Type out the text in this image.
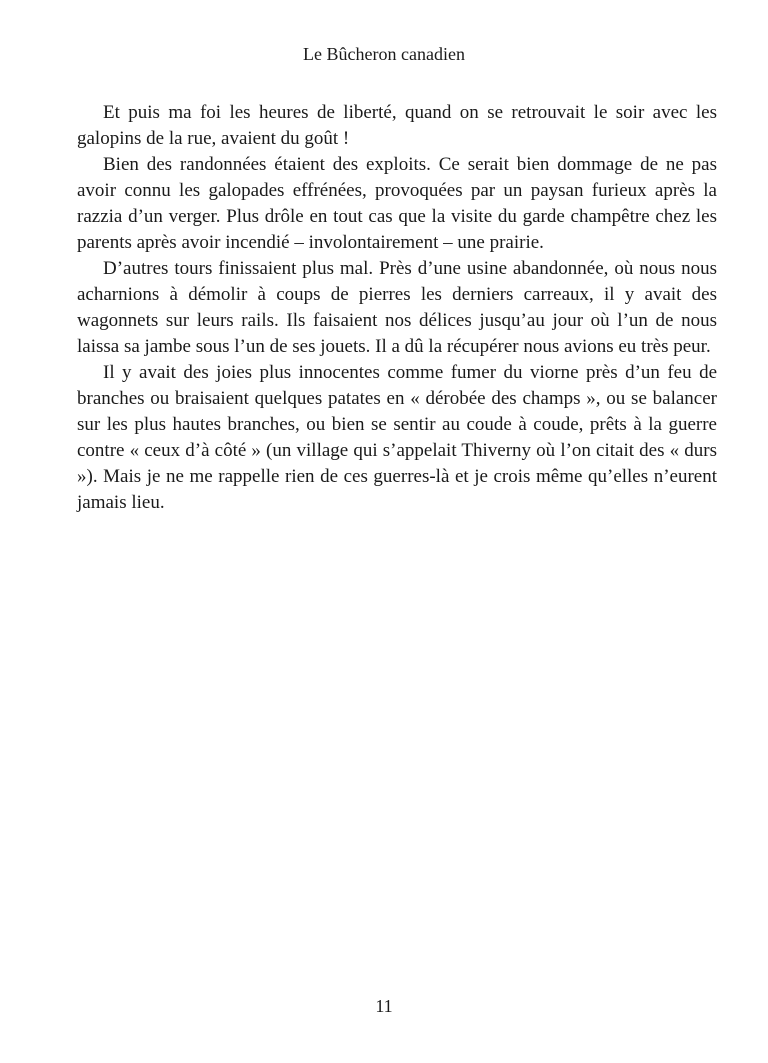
Le Bûcheron canadien

Et puis ma foi les heures de liberté, quand on se retrouvait le soir avec les galopins de la rue, avaient du goût !

Bien des randonnées étaient des exploits. Ce serait bien dommage de ne pas avoir connu les galopades effrénées, provoquées par un paysan furieux après la razzia d’un verger. Plus drôle en tout cas que la visite du garde champêtre chez les parents après avoir incendié – involontairement – une prairie.

D’autres tours finissaient plus mal. Près d’une usine abandonnée, où nous nous acharnions à démolir à coups de pierres les derniers carreaux, il y avait des wagonnets sur leurs rails. Ils faisaient nos délices jusqu’au jour où l’un de nous laissa sa jambe sous l’un de ses jouets. Il a dû la récupérer nous avions eu très peur.

Il y avait des joies plus innocentes comme fumer du viorne près d’un feu de branches ou braisaient quelques patates en « dérobée des champs », ou se balancer sur les plus hautes branches, ou bien se sentir au coude à coude, prêts à la guerre contre « ceux d’à côté » (un village qui s’appelait Thiverny où l’on citait des « durs »). Mais je ne me rappelle rien de ces guerres-là et je crois même qu’elles n’eurent jamais lieu.

11
